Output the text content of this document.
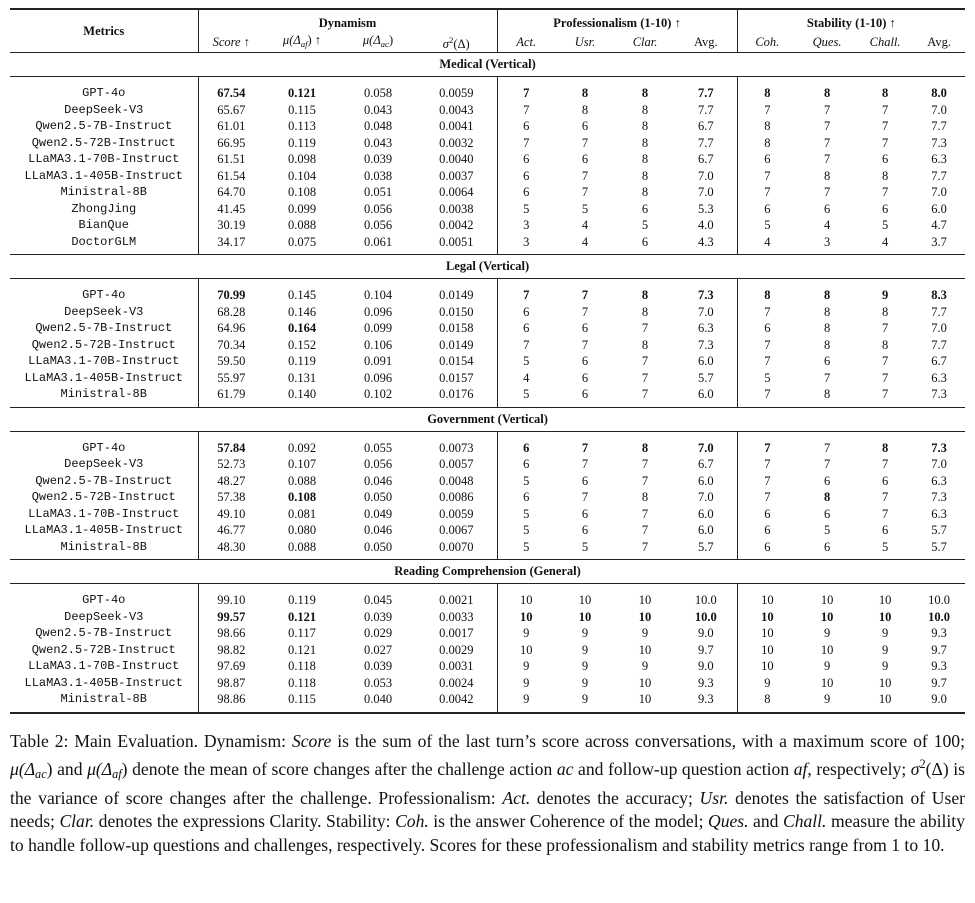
Metrics	Dynamism				Professionalism (1-10) ↑				Stability (1-10) ↑			
	Score ↑	$\mu(\Delta_{af})$ ↑	$\mu(\Delta_{ac})$	$\sigma^2(\Delta)$	Act.	Usr.	Clar.	Avg.	Coh.	Ques.	Chall.	Avg.
Medical (Vertical)												

GPT-4o	67.54	0.121	0.058	0.0059	7	8	8	7.7	8	8	8	8.0
DeepSeek-V3	65.67	0.115	0.043	0.0043	7	8	8	7.7	7	7	7	7.0
Qwen2.5-7B-Instruct	61.01	0.113	0.048	0.0041	6	6	8	6.7	8	7	7	7.7
Qwen2.5-72B-Instruct	66.95	0.119	0.043	0.0032	7	7	8	7.7	8	7	7	7.3
LLaMA3.1-70B-Instruct	61.51	0.098	0.039	0.0040	6	6	8	6.7	6	7	6	6.3
LLaMA3.1-405B-Instruct	61.54	0.104	0.038	0.0037	6	7	8	7.0	7	8	8	7.7
Ministral-8B	64.70	0.108	0.051	0.0064	6	7	8	7.0	7	7	7	7.0
ZhongJing	41.45	0.099	0.056	0.0038	5	5	6	5.3	6	6	6	6.0
BianQue	30.19	0.088	0.056	0.0042	3	4	5	4.0	5	4	5	4.7
DoctorGLM	34.17	0.075	0.061	0.0051	3	4	6	4.3	4	3	4	3.7

Legal (Vertical)												

GPT-4o	70.99	0.145	0.104	0.0149	7	7	8	7.3	8	8	9	8.3
DeepSeek-V3	68.28	0.146	0.096	0.0150	6	7	8	7.0	7	8	8	7.7
Qwen2.5-7B-Instruct	64.96	0.164	0.099	0.0158	6	6	7	6.3	6	8	7	7.0
Qwen2.5-72B-Instruct	70.34	0.152	0.106	0.0149	7	7	8	7.3	7	8	8	7.7
LLaMA3.1-70B-Instruct	59.50	0.119	0.091	0.0154	5	6	7	6.0	7	6	7	6.7
LLaMA3.1-405B-Instruct	55.97	0.131	0.096	0.0157	4	6	7	5.7	5	7	7	6.3
Ministral-8B	61.79	0.140	0.102	0.0176	5	6	7	6.0	7	8	7	7.3

Government (Vertical)												

GPT-4o	57.84	0.092	0.055	0.0073	6	7	8	7.0	7	7	8	7.3
DeepSeek-V3	52.73	0.107	0.056	0.0057	6	7	7	6.7	7	7	7	7.0
Qwen2.5-7B-Instruct	48.27	0.088	0.046	0.0048	5	6	7	6.0	7	6	6	6.3
Qwen2.5-72B-Instruct	57.38	0.108	0.050	0.0086	6	7	8	7.0	7	8	7	7.3
LLaMA3.1-70B-Instruct	49.10	0.081	0.049	0.0059	5	6	7	6.0	6	6	7	6.3
LLaMA3.1-405B-Instruct	46.77	0.080	0.046	0.0067	5	6	7	6.0	6	5	6	5.7
Ministral-8B	48.30	0.088	0.050	0.0070	5	5	7	5.7	6	6	5	5.7

Reading Comprehension (General)												

GPT-4o	99.10	0.119	0.045	0.0021	10	10	10	10.0	10	10	10	10.0
DeepSeek-V3	99.57	0.121	0.039	0.0033	10	10	10	10.0	10	10	10	10.0
Qwen2.5-7B-Instruct	98.66	0.117	0.029	0.0017	9	9	9	9.0	10	9	9	9.3
Qwen2.5-72B-Instruct	98.82	0.121	0.027	0.0029	10	9	10	9.7	10	10	9	9.7
LLaMA3.1-70B-Instruct	97.69	0.118	0.039	0.0031	9	9	9	9.0	10	9	9	9.3
LLaMA3.1-405B-Instruct	98.87	0.118	0.053	0.0024	9	9	10	9.3	9	10	10	9.7
Ministral-8B	98.86	0.115	0.040	0.0042	9	9	10	9.3	8	9	10	9.0

Table 2: Main Evaluation. Dynamism: Score is the sum of the last turn’s score across conversations, with a maximum score of 100; μ(Δac) and μ(Δaf) denote the mean of score changes after the challenge action ac and follow-up question action af, respectively; $\sigma^2(\Delta)$ is the variance of score changes after the challenge. Professionalism: Act. denotes the accuracy; Usr. denotes the satisfaction of User needs; Clar. denotes the expressions Clarity. Stability: Coh. is the answer Coherence of the model; Ques. and Chall. measure the ability to handle follow-up questions and challenges, respectively. Scores for these professionalism and stability metrics range from 1 to 10.
